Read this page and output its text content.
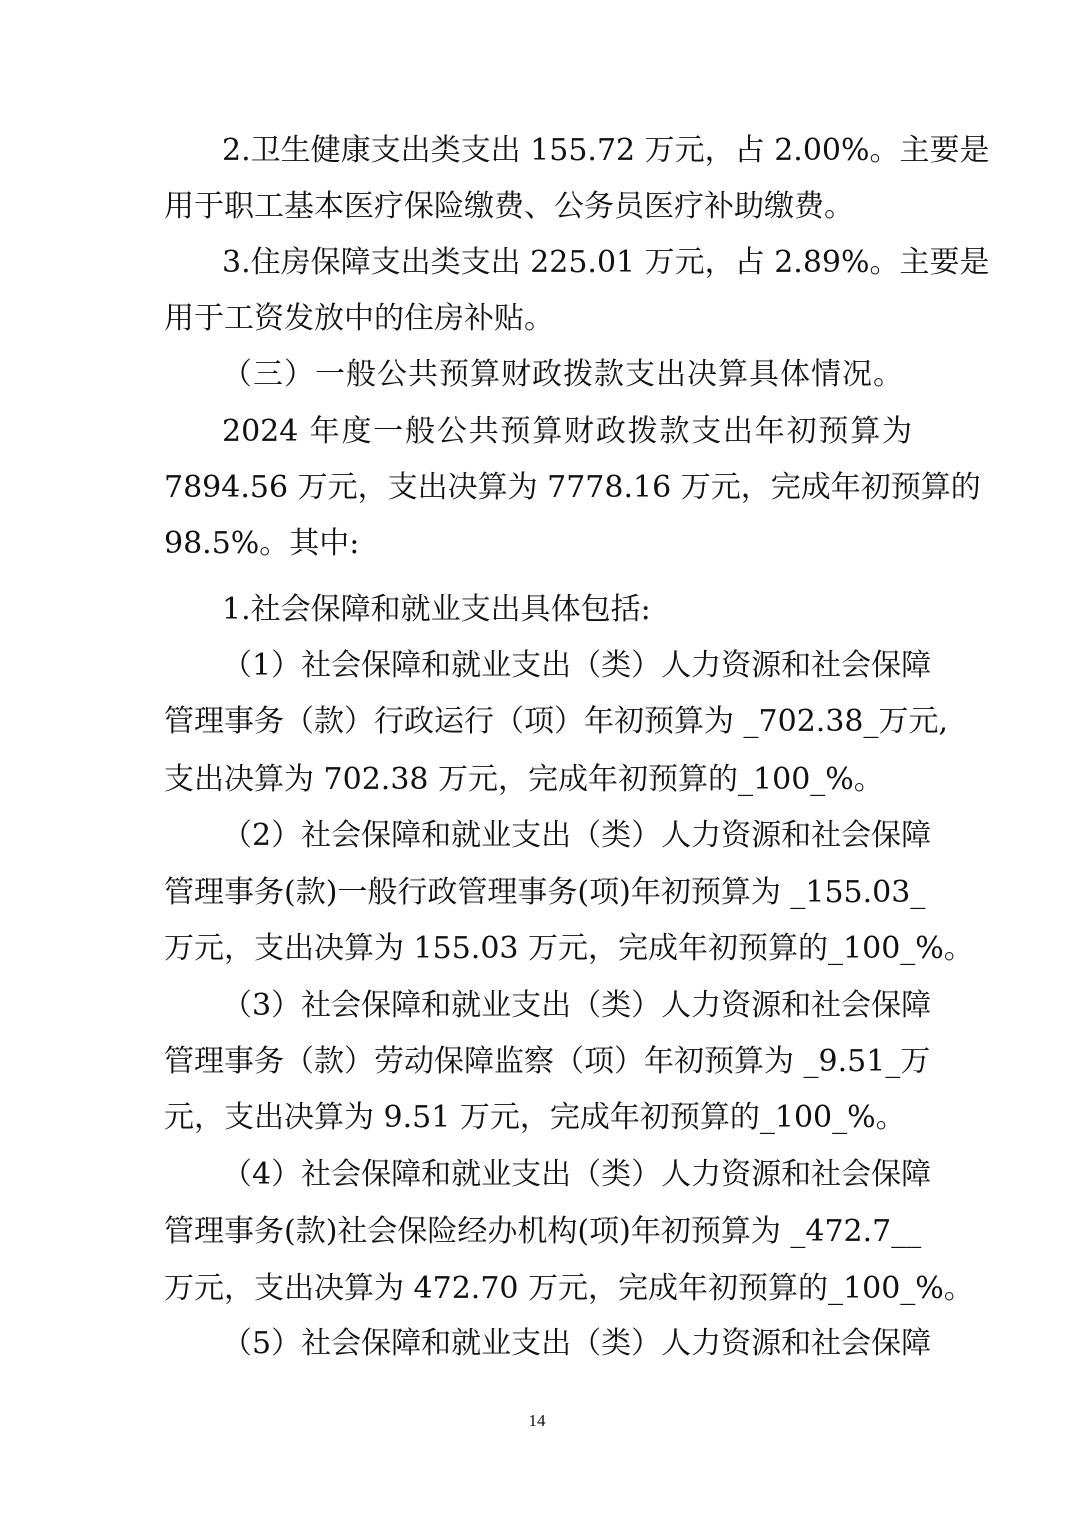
2.卫生健康支出类支出 155.72 万元，占 2.00%。主要是
用于职工基本医疗保险缴费、公务员医疗补助缴费。
3.住房保障支出类支出 225.01 万元，占 2.89%。主要是
用于工资发放中的住房补贴。
（三）一般公共预算财政拨款支出决算具体情况。
2024 年度一般公共预算财政拨款支出年初预算为
7894.56 万元，支出决算为 7778.16 万元，完成年初预算的
98.5%。其中:
1.社会保障和就业支出具体包括:
（1）社会保障和就业支出（类）人力资源和社会保障
管理事务（款）行政运行（项）年初预算为 _702.38_万元,
支出决算为 702.38 万元，完成年初预算的_100_%。
（2）社会保障和就业支出（类）人力资源和社会保障
管理事务(款)一般行政管理事务(项)年初预算为 _155.03_
万元，支出决算为 155.03 万元，完成年初预算的_100_%。
（3）社会保障和就业支出（类）人力资源和社会保障
管理事务（款）劳动保障监察（项）年初预算为 _9.51_万
元，支出决算为 9.51 万元，完成年初预算的_100_%。
（4）社会保障和就业支出（类）人力资源和社会保障
管理事务(款)社会保险经办机构(项)年初预算为 _472.7__
万元，支出决算为 472.70 万元，完成年初预算的_100_%。
（5）社会保障和就业支出（类）人力资源和社会保障
14
